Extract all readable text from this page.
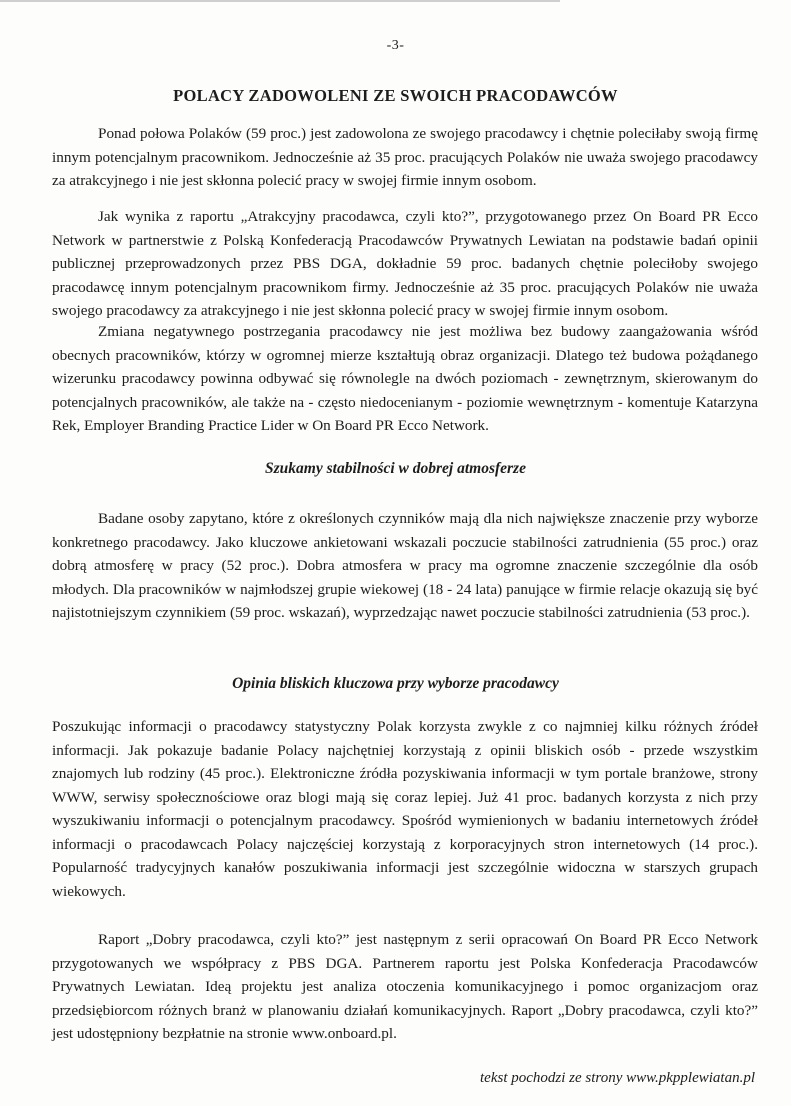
-3-
POLACY ZADOWOLENI ZE SWOICH PRACODAWCÓW

Ponad połowa Polaków (59 proc.) jest zadowolona ze swojego pracodawcy i chętnie poleciłaby swoją firmę innym potencjalnym pracownikom. Jednocześnie aż 35 proc. pracujących Polaków nie uważa swojego pracodawcy za atrakcyjnego i nie jest skłonna polecić pracy w swojej firmie innym osobom.

Jak wynika z raportu „Atrakcyjny pracodawca, czyli kto?”, przygotowanego przez On Board PR Ecco Network w partnerstwie z Polską Konfederacją Pracodawców Prywatnych Lewiatan na podstawie badań opinii publicznej przeprowadzonych przez PBS DGA, dokładnie 59 proc. badanych chętnie poleciłoby swojego pracodawcę innym potencjalnym pracownikom firmy. Jednocześnie aż 35 proc. pracujących Polaków nie uważa swojego pracodawcy za atrakcyjnego i nie jest skłonna polecić pracy w swojej firmie innym osobom.

Zmiana negatywnego postrzegania pracodawcy nie jest możliwa bez budowy zaangażowania wśród obecnych pracowników, którzy w ogromnej mierze kształtują obraz organizacji. Dlatego też budowa pożądanego wizerunku pracodawcy powinna odbywać się równolegle na dwóch poziomach - zewnętrznym, skierowanym do potencjalnych pracowników, ale także na - często niedocenianym - poziomie wewnętrznym - komentuje Katarzyna Rek, Employer Branding Practice Lider w On Board PR Ecco Network.

Szukamy stabilności w dobrej atmosferze

Badane osoby zapytano, które z określonych czynników mają dla nich największe znaczenie przy wyborze konkretnego pracodawcy. Jako kluczowe ankietowani wskazali poczucie stabilności zatrudnienia (55 proc.) oraz dobrą atmosferę w pracy (52 proc.). Dobra atmosfera w pracy ma ogromne znaczenie szczególnie dla osób młodych. Dla pracowników w najmłodszej grupie wiekowej (18 - 24 lata) panujące w firmie relacje okazują się być najistotniejszym czynnikiem (59 proc. wskazań), wyprzedzając nawet poczucie stabilności zatrudnienia (53 proc.).

Opinia bliskich kluczowa przy wyborze pracodawcy

Poszukując informacji o pracodawcy statystyczny Polak korzysta zwykle z co najmniej kilku różnych źródeł informacji. Jak pokazuje badanie Polacy najchętniej korzystają z opinii bliskich osób - przede wszystkim znajomych lub rodziny (45 proc.). Elektroniczne źródła pozyskiwania informacji w tym portale branżowe, strony WWW, serwisy społecznościowe oraz blogi mają się coraz lepiej. Już 41 proc. badanych korzysta z nich przy wyszukiwaniu informacji o potencjalnym pracodawcy. Spośród wymienionych w badaniu internetowych źródeł informacji o pracodawcach Polacy najczęściej korzystają z korporacyjnych stron internetowych (14 proc.). Popularność tradycyjnych kanałów poszukiwania informacji jest szczególnie widoczna w starszych grupach wiekowych.

Raport „Dobry pracodawca, czyli kto?” jest następnym z serii opracowań On Board PR Ecco Network przygotowanych we współpracy z PBS DGA. Partnerem raportu jest Polska Konfederacja Pracodawców Prywatnych Lewiatan. Ideą projektu jest analiza otoczenia komunikacyjnego i pomoc organizacjom oraz przedsiębiorcom różnych branż w planowaniu działań komunikacyjnych. Raport „Dobry pracodawca, czyli kto?” jest udostępniony bezpłatnie na stronie www.onboard.pl.

tekst pochodzi ze strony www.pkpplewiatan.pl
